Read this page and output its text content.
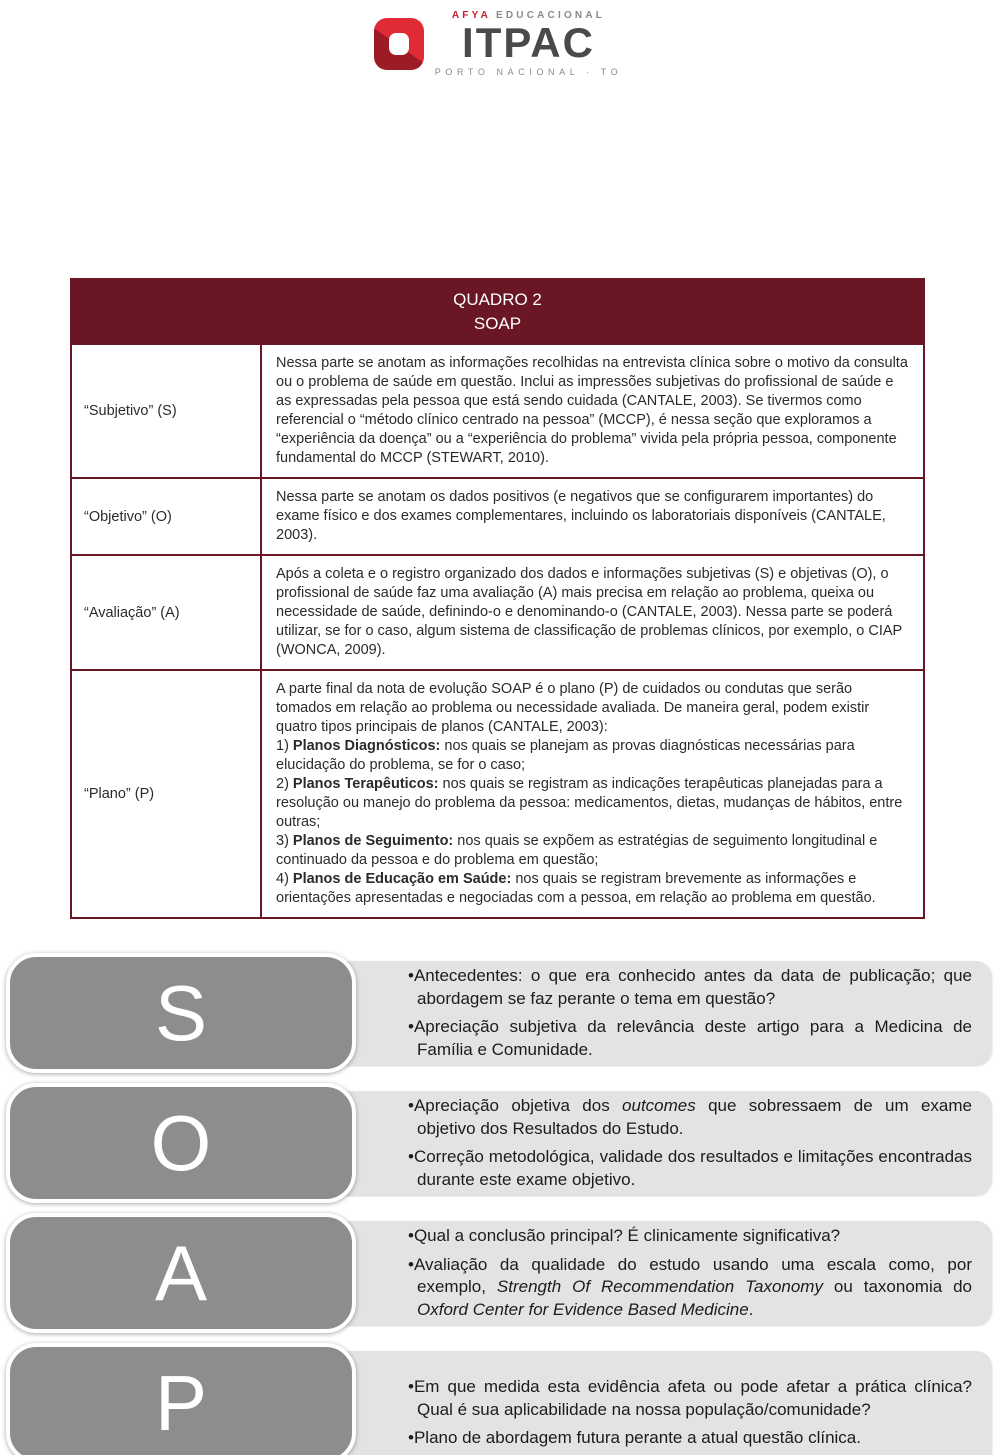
AFYA EDUCACIONAL
ITPAC
PORTO NACIONAL · TO
QUADRO 2
SOAP
“Subjetivo” (S)
Nessa parte se anotam as informações recolhidas na entrevista clínica sobre o motivo da consulta ou o problema de saúde em questão. Inclui as impressões subjetivas do profissional de saúde e as expressadas pela pessoa que está sendo cuidada (CANTALE, 2003). Se tivermos como referencial o “método clínico centrado na pessoa” (MCCP), é nessa seção que exploramos a “experiência da doença” ou a “experiência do problema” vivida pela própria pessoa, componente fundamental do MCCP (STEWART, 2010).
“Objetivo” (O)
Nessa parte se anotam os dados positivos (e negativos que se configurarem importantes) do exame físico e dos exames complementares, incluindo os laboratoriais disponíveis (CANTALE, 2003).
“Avaliação” (A)
Após a coleta e o registro organizado dos dados e informações subjetivas (S) e objetivas (O), o profissional de saúde faz uma avaliação (A) mais precisa em relação ao problema, queixa ou necessidade de saúde, definindo-o e denominando-o (CANTALE, 2003). Nessa parte se poderá utilizar, se for o caso, algum sistema de classificação de problemas clínicos, por exemplo, o CIAP (WONCA, 2009).
“Plano” (P)
A parte final da nota de evolução SOAP é o plano (P) de cuidados ou condutas que serão tomados em relação ao problema ou necessidade avaliada. De maneira geral, podem existir quatro tipos principais de planos (CANTALE, 2003):
1) Planos Diagnósticos: nos quais se planejam as provas diagnósticas necessárias para elucidação do problema, se for o caso;
2) Planos Terapêuticos: nos quais se registram as indicações terapêuticas planejadas para a resolução ou manejo do problema da pessoa: medicamentos, dietas, mudanças de hábitos, entre outras;
3) Planos de Seguimento: nos quais se expõem as estratégias de seguimento longitudinal e continuado da pessoa e do problema em questão;
4) Planos de Educação em Saúde: nos quais se registram brevemente as informações e orientações apresentadas e negociadas com a pessoa, em relação ao problema em questão.
• Antecedentes: o que era conhecido antes da data de publicação; que abordagem se faz perante o tema em questão?
• Apreciação subjetiva da relevância deste artigo para a Medicina de Família e Comunidade.
S
• Apreciação objetiva dos outcomes que sobressaem de um exame objetivo dos Resultados do Estudo.
• Correção metodológica, validade dos resultados e limitações encontradas durante este exame objetivo.
O
• Qual a conclusão principal? É clinicamente significativa?
• Avaliação da qualidade do estudo usando uma escala como, por exemplo, Strength Of Recommendation Taxonomy ou taxonomia do Oxford Center for Evidence Based Medicine.
A
• Em que medida esta evidência afeta ou pode afetar a prática clínica? Qual é sua aplicabilidade na nossa população/comunidade?
• Plano de abordagem futura perante a atual questão clínica.
P
